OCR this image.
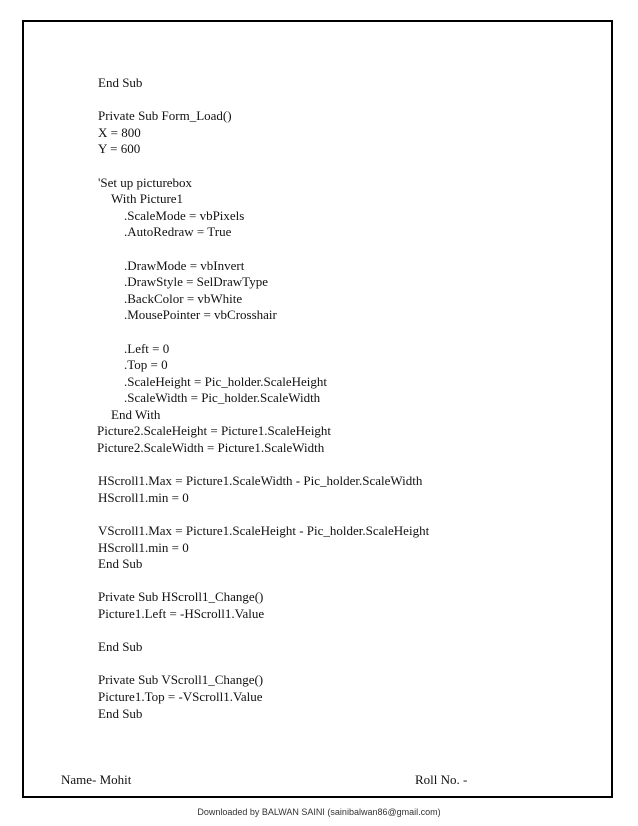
End Sub
Private Sub Form_Load()
X = 800
Y = 600
'Set up picturebox
With Picture1
.ScaleMode = vbPixels
.AutoRedraw = True
.DrawMode = vbInvert
.DrawStyle = SelDrawType
.BackColor = vbWhite
.MousePointer = vbCrosshair
.Left = 0
.Top = 0
.ScaleHeight = Pic_holder.ScaleHeight
.ScaleWidth = Pic_holder.ScaleWidth
End With
Picture2.ScaleHeight = Picture1.ScaleHeight
Picture2.ScaleWidth = Picture1.ScaleWidth
HScroll1.Max = Picture1.ScaleWidth - Pic_holder.ScaleWidth
HScroll1.min = 0
VScroll1.Max = Picture1.ScaleHeight - Pic_holder.ScaleHeight
HScroll1.min = 0
End Sub
Private Sub HScroll1_Change()
Picture1.Left = -HScroll1.Value
End Sub
Private Sub VScroll1_Change()
Picture1.Top = -VScroll1.Value
End Sub
Name- Mohit	Roll No. -
Downloaded by BALWAN SAINI (sainibalwan86@gmail.com)
